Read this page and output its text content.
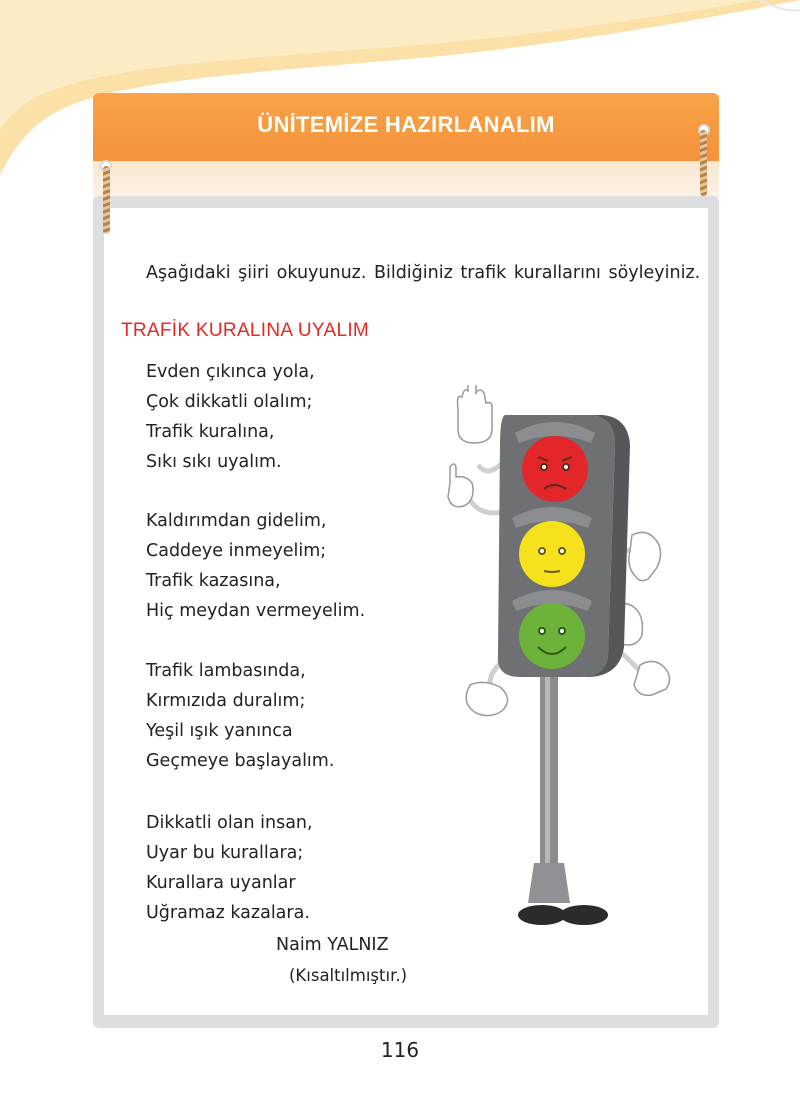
ÜNİTEMİZE HAZIRLANALIM
Aşağıdaki şiiri okuyunuz. Bildiğiniz trafik kurallarını söyleyiniz.
TRAFİK KURALINA UYALIM
Evden çıkınca yola,
Çok dikkatli olalım;
Trafik kuralına,
Sıkı sıkı uyalım.
Kaldırımdan gidelim,
Caddeye inmeyelim;
Trafik kazasına,
Hiç meydan vermeyelim.
Trafik lambasında,
Kırmızıda duralım;
Yeşil ışık yanınca
Geçmeye başlayalım.
Dikkatli olan insan,
Uyar bu kurallara;
Kurallara uyanlar
Uğramaz kazalara.
Naim YALNIZ
(Kısaltılmıştır.)
116
